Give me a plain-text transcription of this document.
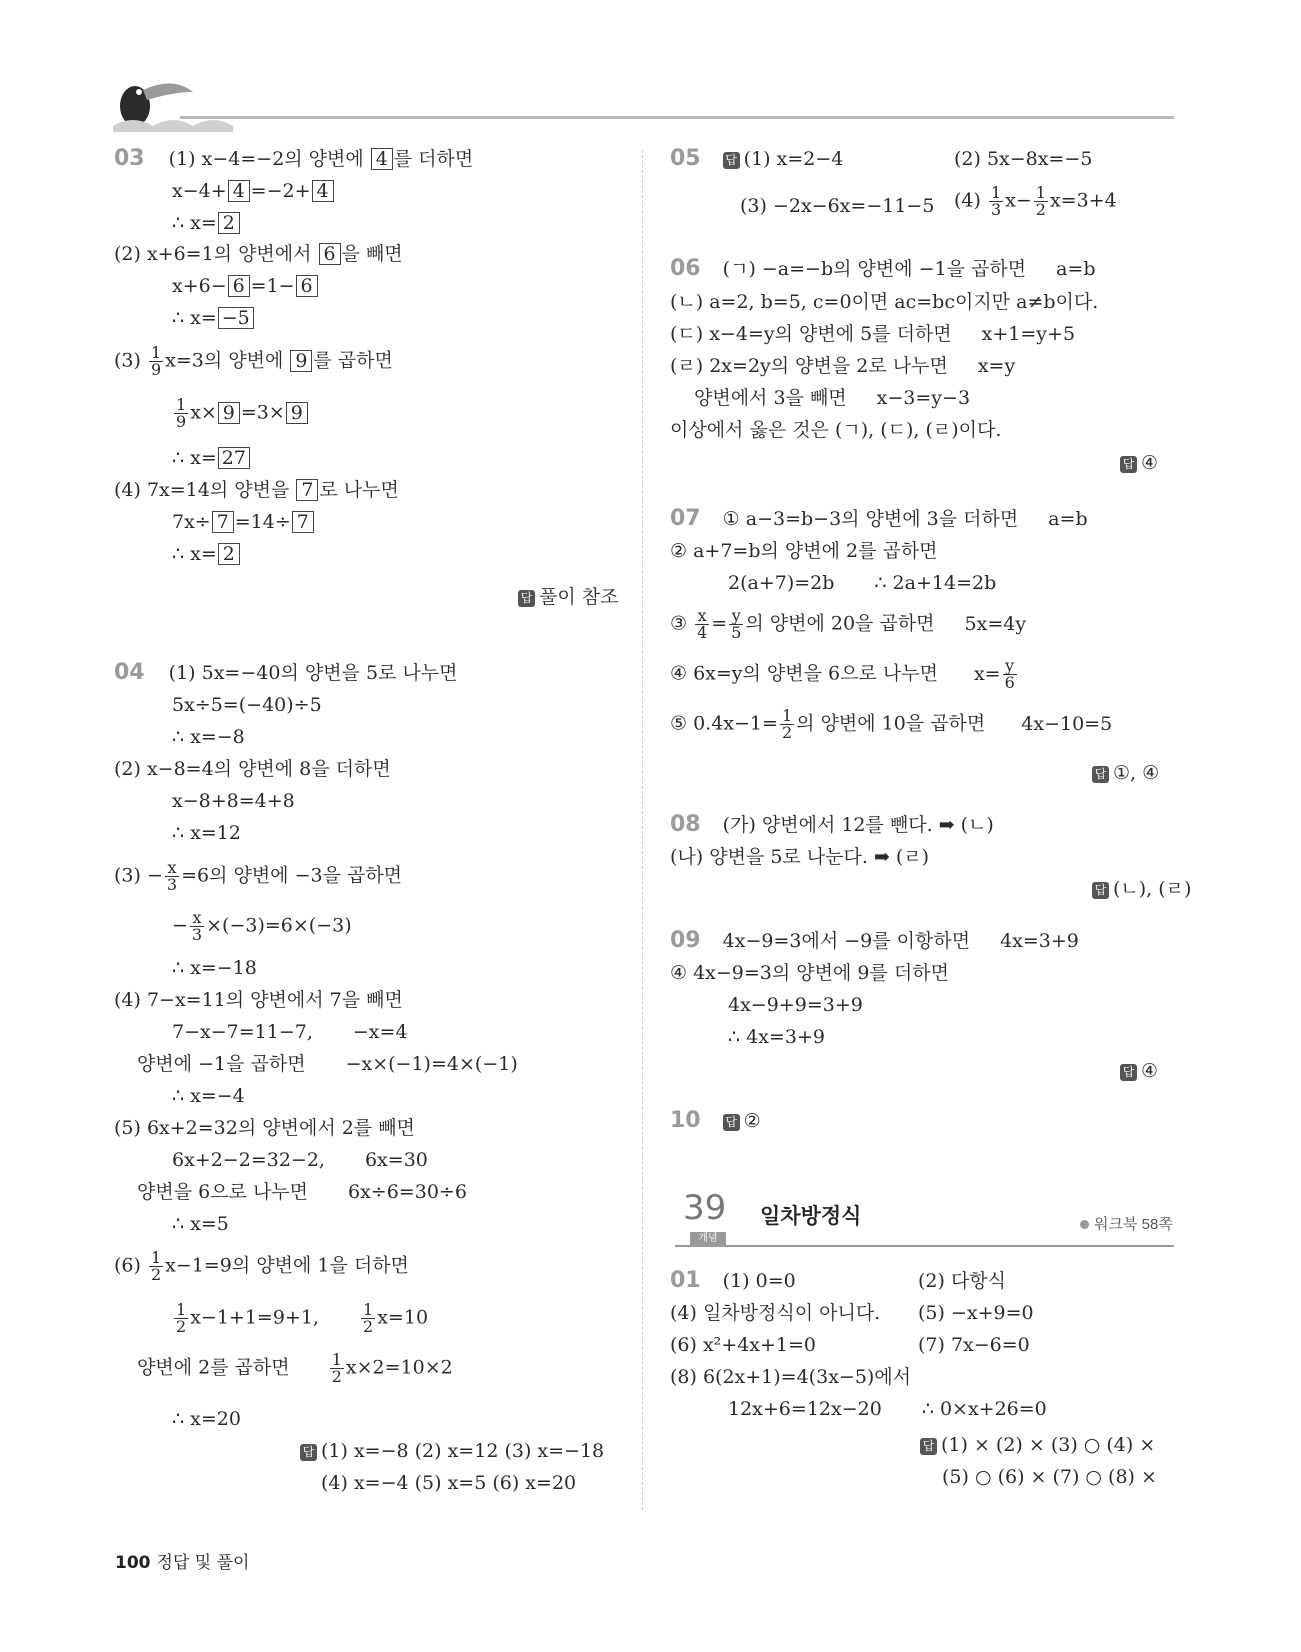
03 (1) x−4=−2의 양변에 4 를 더하면
x−4+ 4 =−2+ 4
∴ x= 2
(2) x+6=1의 양변에서 6 을 빼면
x+6− 6 =1− 6
∴ x= −5
$(3) \frac{1}{9} x=3$의 양변에 9 를 곱하면
$\frac{1}{9} x\times 9 =3\times 9$
∴ x= 27
(4) 7x=14의 양변을 7 로 나누면
7x÷ 7 =14÷ 7
∴ x= 2
답 풀이 참조
04 (1) 5x=−40의 양변을 5로 나누면
5x÷5=(−40)÷5
∴ x=−8
(2) x−8=4의 양변에 8을 더하면
x−8+8=4+8
∴ x=12
$(3) - \frac{x}{3} =6$의 양변에 −3을 곱하면
− $\frac{x}{3} \times(-3)=6\times(-3)$
∴ x=−18
(4) 7−x=11의 양변에서 7을 빼면
7−x−7=11−7, −x=4
양변에 −1을 곱하면 −x×(−1)=4×(−1)
∴ x=−4
(5) 6x+2=32의 양변에서 2를 빼면
6x+2−2=32−2, 6x=30
양변을 6으로 나누면 6x÷6=30÷6
∴ x=5
$(6) \frac{1}{2} x-1=9$의 양변에 1을 더하면
$\frac{1}{2} x-1+1=9+1$,	$\frac{1}{2} x=10$
양변에 2를 곱하면	$\frac{1}{2} x\times 2=10\times 2$
∴ x=20
답 (1) x=−8 (2) x=12 (3) x=−18
(4) x=−4 (5) x=5 (6) x=20
05 답 (1) x=2−4	(2) 5x−8x=−5
(3) −2x−6x=−11−5 $(4) \frac{1}{3} x- \frac{1}{2} x=3+4$
06 (ㄱ) −a=−b의 양변에 −1을 곱하면 a=b
(ㄴ) a=2, b=5, c=0이면 ac=bc이지만 a≠b이다.
(ㄷ) x−4=y의 양변에 5를 더하면 x+1=y+5
(ㄹ) 2x=2y의 양변을 2로 나누면 x=y
양변에서 3을 빼면 x−3=y−3
이상에서 옳은 것은 (ㄱ), (ㄷ), (ㄹ)이다.
답 ④
07 ① a−3=b−3의 양변에 3을 더하면 a=b
② a+7=b의 양변에 2를 곱하면
2(a+7)=2b ∴ 2a+14=2b
③ $\frac{x}{4} = \frac{y}{5}$ 의 양변에 20을 곱하면 5x=4y
④ 6x=y의 양변을 6으로 나누면 $x= \frac{y}{6}$
⑤ $0.4x-1= \frac{1}{2}$ 의 양변에 10을 곱하면 4x−10=5
답 ①, ④
08 (가) 양변에서 12를 뺀다. ➡ (ㄴ)
(나) 양변을 5로 나눈다. ➡ (ㄹ)
답 (ㄴ), (ㄹ)
09 4x−9=3에서 −9를 이항하면 4x=3+9
④ 4x−9=3의 양변에 9를 더하면
4x−9+9=3+9
∴ 4x=3+9
답 ④
10 답 ②
39
개념
일차방정식	워크북 58쪽
01 (1) 0=0	(2) 다항식
(4) 일차방정식이 아니다. (5) −x+9=0
(6) x²+4x+1=0	(7) 7x−6=0
(8) 6(2x+1)=4(3x−5)에서
12x+6=12x−20 ∴ 0×x+26=0
답 (1) × (2) × (3) ○ (4) ×
(5) ○ (6) × (7) ○ (8) ×
100 정답 및 풀이
